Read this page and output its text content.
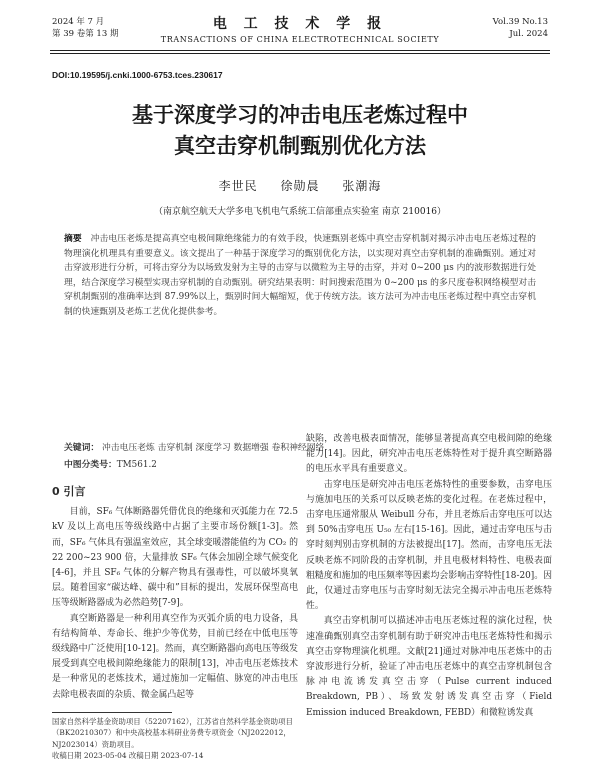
2024 年 7 月
第 39 卷第 13 期
电 工 技 术 学 报
TRANSACTIONS OF CHINA ELECTROTECHNICAL SOCIETY
Vol.39 No.13
Jul. 2024
DOI:10.19595/j.cnki.1000-6753.tces.230617
基于深度学习的冲击电压老炼过程中
真空击穿机制甄别优化方法
李世民 徐勋晨 张潮海
（南京航空航天大学多电飞机电气系统工信部重点实验室 南京 210016）
摘要 冲击电压老炼是提高真空电极间隙绝缘能力的有效手段，快速甄别老炼中真空击穿机制对揭示冲击电压老炼过程的物理演化机理具有重要意义。该文提出了一种基于深度学习的甄别优化方法，以实现对真空击穿机制的准确甄别。通过对击穿波形进行分析，可将击穿分为以场致发射为主导的击穿与以微粒为主导的击穿，并对 0~200 μs 内的波形数据进行处理，结合深度学习模型实现击穿机制的自动甄别。研究结果表明：时间搜索范围为 0~200 μs 的多尺度卷积网络模型对击穿机制甄别的准确率达到 87.99%以上，甄别时间大幅缩短，优于传统方法。该方法可为冲击电压老炼过程中真空击穿机制的快速甄别及老炼工艺优化提供参考。
关键词： 冲击电压老炼 击穿机制 深度学习 数据增强 卷积神经网络
中图分类号：TM561.2
0 引言

目前，SF₆ 气体断路器凭借优良的绝缘和灭弧能力在 72.5 kV 及以上高电压等级线路中占据了主要市场份额[1-3]。然而，SF₆ 气体具有强温室效应，其全球变暖潜能值约为 CO₂ 的 22 200~23 900 倍，大量排放 SF₆ 气体会加剧全球气候变化[4-6]，并且 SF₆ 气体的分解产物具有强毒性，可以破坏臭氧层。随着国家“碳达峰、碳中和”目标的提出，发展环保型高电压等级断路器成为必然趋势[7-9]。

真空断路器是一种利用真空作为灭弧介质的电力设备，具有结构简单、寿命长、维护少等优势，目前已经在中低电压等级线路中广泛使用[10-12]。然而，真空断路器向高电压等级发展受到真空电极间隙绝缘能力的限制[13]，冲击电压老炼技术是一种常见的老炼技术，通过施加一定幅值、脉宽的冲击电压去除电极表面的杂质、微金属凸起等

缺陷，改善电极表面情况，能够显著提高真空电极间隙的绝缘能力[14]。因此，研究冲击电压老炼特性对于提升真空断路器的电压水平具有重要意义。

击穿电压是研究冲击电压老炼特性的重要参数，击穿电压与施加电压的关系可以反映老炼的变化过程。在老炼过程中，击穿电压通常服从 Weibull 分布，并且老炼后击穿电压可以达到 50%击穿电压 U₅₀ 左右[15-16]。因此，通过击穿电压与击穿时刻判别击穿机制的方法被提出[17]。然而，击穿电压无法反映老炼不同阶段的击穿机制，并且电极材料特性、电极表面粗糙度和施加的电压频率等因素均会影响击穿特性[18-20]。因此，仅通过击穿电压与击穿时刻无法完全揭示冲击电压老炼特性。

真空击穿机制可以描述冲击电压老炼过程的演化过程，快速准确甄别真空击穿机制有助于研究冲击电压老炼特性和揭示真空击穿物理演化机理。文献[21]通过对脉冲电压老炼中的击穿波形进行分析，验证了冲击电压老炼中的真空击穿机制包含脉冲电流诱发真空击穿（Pulse current induced Breakdown, PB）、场致发射诱发真空击穿（Field Emission induced Breakdown, FEBD）和微粒诱发真

国家自然科学基金资助项目（52207162），江苏省自然科学基金资助项目（BK20210307）和中央高校基本科研业务费专项资金（NJ2022012，NJ2023014）资助项目。
收稿日期 2023-05-04 改稿日期 2023-07-14
